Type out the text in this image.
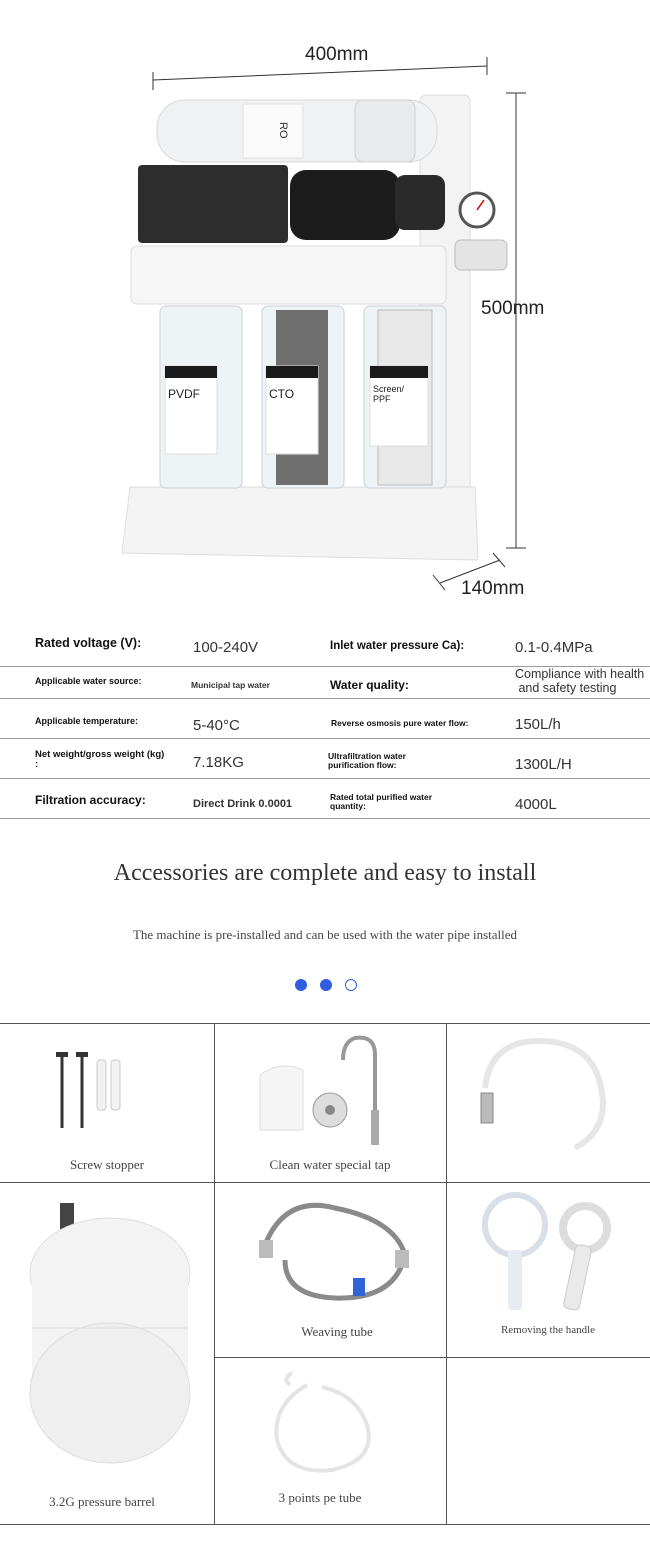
RO
PVDF	CTO	Screen/ PPF
400mm
500mm
140mm
Rated voltage (V):	100-240V	Inlet water pressure Ca):	0.1-0.4MPa
Applicable water source:	Municipal tap water	Water quality:
Compliance with health
and safety testing
Applicable temperature:	5-40°C	Reverse osmosis pure water flow:	150L/h
Net weight/gross weight (kg)
:	7.18KG	Ultrafiltration water
purification flow:	1300L/H
Filtration accuracy:	Direct Drink 0.0001
Rated total purified water
quantity:	4000L
Accessories are complete and easy to install
The machine is pre-installed and can be used with the water pipe installed
Screw stopper	Clean water special tap
3.2G pressure barrel
Weaving tube	Removing the handle
3 points pe tube
